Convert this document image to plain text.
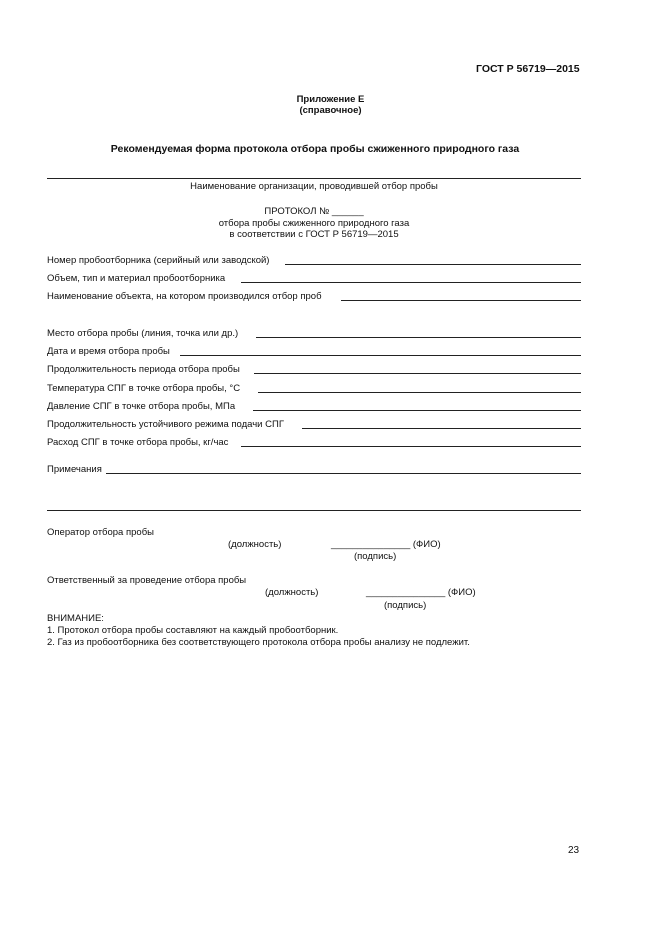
ГОСТ Р 56719—2015
Приложение Е
(справочное)
Рекомендуемая форма протокола отбора пробы сжиженного природного газа
Наименование организации, проводившей отбор пробы
ПРОТОКОЛ № ______
отбора пробы сжиженного природного газа
в соответствии с ГОСТ Р 56719—2015
Номер пробоотборника (серийный или заводской)
Объем, тип и материал пробоотборника
Наименование объекта, на котором производился отбор проб
Место отбора пробы (линия, точка или др.)
Дата и время отбора пробы
Продолжительность периода отбора пробы
Температура СПГ в точке отбора пробы, °С
Давление СПГ в точке отбора пробы, МПа
Продолжительность устойчивого режима подачи СПГ
Расход СПГ в точке отбора пробы, кг/час
Примечания
Оператор отбора пробы
(должность)	_______________ (ФИО)
(подпись)
Ответственный за проведение отбора пробы
(должность)	_______________ (ФИО)
(подпись)
ВНИМАНИЕ:
1. Протокол отбора пробы составляют на каждый пробоотборник.
2. Газ из пробоотборника без соответствующего протокола отбора пробы анализу не подлежит.
23
